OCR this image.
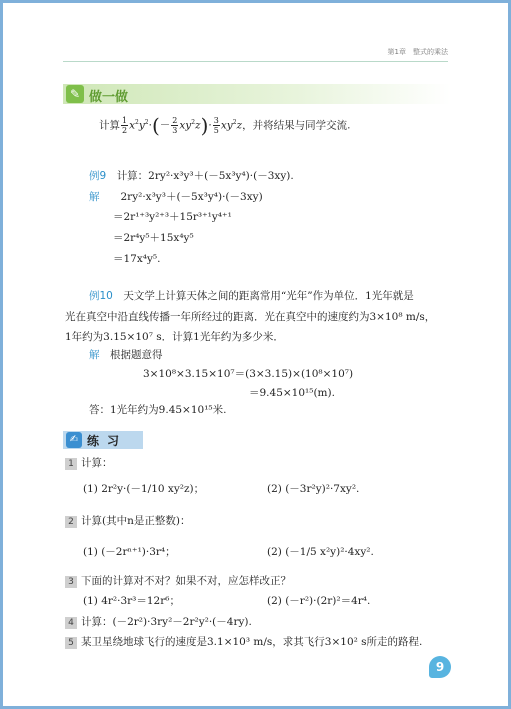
第1章　整式的乘法
✎ 做一做
计算 $\frac{1}{2} x^2y^2\cdot(- \frac{2}{3} xy^2z)\cdot \frac{3}{5} xy^2z$，并将结果与同学交流.
例9　 计算：2ry²·x³y³＋(－5x³y⁴)·(－3xy).
解　　 2ry²·x³y³＋(－5x³y⁴)·(－3xy)
＝2r¹⁺³y²⁺³＋15r³⁺¹y⁴⁺¹
＝2r⁴y⁵＋15x⁴y⁵
＝17x⁴y⁵.
例10　 天文学上计算天体之间的距离常用“光年”作为单位．1光年就是
光在真空中沿直线传播一年所经过的距离．光在真空中的速度约为3×10⁸ m/s，
1年约为3.15×10⁷ s．计算1光年约为多少米．
解　 根据题意得
3×10⁸×3.15×10⁷＝(3×3.15)×(10⁸×10⁷)
＝9.45×10¹⁵(m).
答：1光年约为9.45×10¹⁵米.
✍ 练习
1 计算：
(1) 2r²y·(－1/10 xy²z)；	(2) (－3r²y)²·7xy².
2 计算(其中n是正整数)：
(1) (－2rⁿ⁺¹)·3r⁴；	(2) (－1/5 x²y)²·4xy².
3 下面的计算对不对？如果不对，应怎样改正？
(1) 4r²·3r³＝12r⁶；	(2) (－r²)·(2r)²＝4r⁴.
4 计算：(－2r²)·3ry²－2r²y²·(－4ry).
5 某卫星绕地球飞行的速度是3.1×10³ m/s，求其飞行3×10² s所走的路程.
9
